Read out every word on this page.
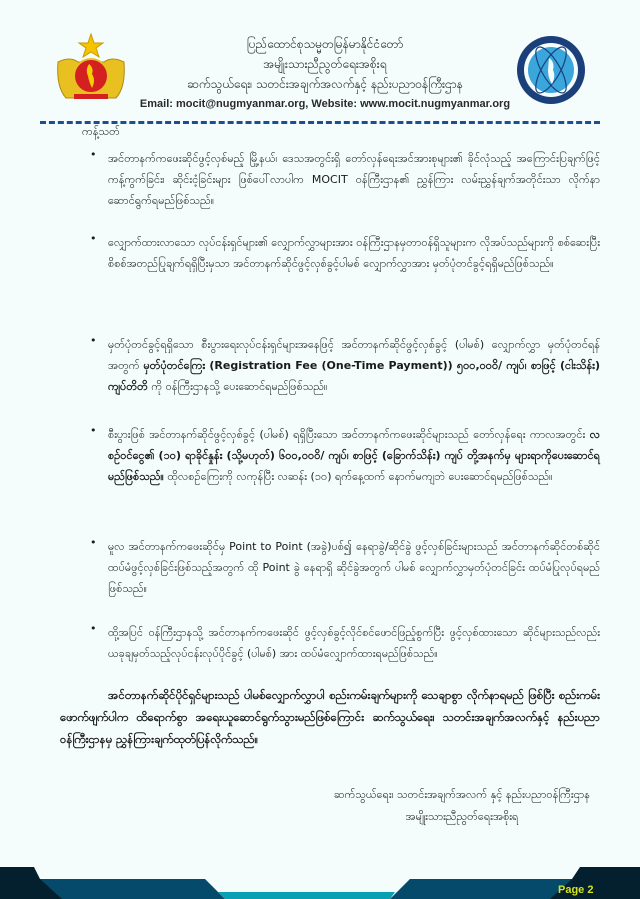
ပြည်ထောင်စုသမ္မတမြန်မာနိုင်ငံတော်
အမျိုးသားညီညွတ်ရေးအစိုးရ
ဆက်သွယ်ရေး၊ သတင်းအချက်အလက်နှင့် နည်းပညာဝန်ကြီးဌာန
Email: mocit@nugmyanmar.org, Website: www.mocit.nugmyanmar.org
ကန့်သတ်
• အင်တာနက်ကဖေးဆိုင်ဖွင့်လှစ်မည့် မြို့နယ်၊ ဒေသအတွင်းရှိ တော်လှန်ရေးအင်အားစုများ၏ ခိုင်လုံသည့် အကြောင်းပြချက်ဖြင့် ကန့်ကွက်ခြင်း၊ ဆိုင်းငံ့ခြင်းများ ဖြစ်ပေါ်လာပါက MOCIT ဝန်ကြီးဌာန၏ ညွှန်ကြား လမ်းညွှန်ချက်အတိုင်းသာ လိုက်နာဆောင်ရွက်ရမည်ဖြစ်သည်။
• လျှောက်ထားလာသော လုပ်ငန်းရှင်များ၏ လျှောက်လွှာများအား ဝန်ကြီးဌာနမှတာဝန်ရှိသူများက လိုအပ်သည်များကို စစ်ဆေးပြီး စိစစ်အတည်ပြုချက်ရရှိပြီးမှသာ အင်တာနက်ဆိုင်ဖွင့်လှစ်ခွင့်ပါမစ် လျှောက်လွှာအား မှတ်ပုံတင်ခွင့်ရရှိမည်ဖြစ်သည်။
• မှတ်ပုံတင်ခွင့်ရရှိသော စီးပွားရေးလုပ်ငန်းရှင်များအနေဖြင့် အင်တာနက်ဆိုင်ဖွင့်လှစ်ခွင့် (ပါမစ်) လျှောက်လွှာ မှတ်ပုံတင်ရန်အတွက် မှတ်ပုံတင်ကြေး (Registration Fee (One-Time Payment)) ၅၀၀,၀၀၀ိ/ ကျပ်၊ စာဖြင့် (ငါးသိန်း) ကျပ်တိတိ ကို ဝန်ကြီးဌာနသို့ ပေးဆောင်ရမည်ဖြစ်သည်။
• စီးပွားဖြစ် အင်တာနက်ဆိုင်ဖွင့်လှစ်ခွင့် (ပါမစ်) ရရှိပြီးသော အင်တာနက်ကဖေးဆိုင်များသည် တော်လှန်ရေး ကာလအတွင်း လစဉ်ဝင်ငွေ၏ (၁၀) ရာခိုင်နှုန်း (သို့မဟုတ်) ၆၀၀,၀၀၀ိ/ ကျပ်၊ စာဖြင့် (ခြောက်သိန်း) ကျပ် တို့အနက်မှ များရာကိုပေးဆောင်ရမည်ဖြစ်သည်။ ထိုလစဉ်ကြေးကို လကုန်ပြီး လဆန်း (၁၀) ရက်နေ့ထက် နောက်မကျဘဲ ပေးဆောင်ရမည်ဖြစ်သည်။
• မူလ အင်တာနက်ကဖေးဆိုင်မှ Point to Point (အခွဲ)ပစ်၍ နေရာခွဲ/ဆိုင်ခွဲ ဖွင့်လှစ်ခြင်းများသည် အင်တာနက်ဆိုင်တစ်ဆိုင် ထပ်မံဖွင့်လှစ်ခြင်းဖြစ်သည့်အတွက် ထို Point ခွဲ နေရာရှိ ဆိုင်ခွဲအတွက် ပါမစ် လျှောက်လွှာမှတ်ပုံတင်ခြင်း ထပ်မံပြုလုပ်ရမည်ဖြစ်သည်။
• ထို့အပြင် ဝန်ကြီးဌာနသို့ အင်တာနက်ကဖေးဆိုင် ဖွင့်လှစ်ခွင့်လိုင်စင်ဖောင်ဖြည့်စွက်ပြီး ဖွင့်လှစ်ထားသော ဆိုင်များသည်လည်း ယခုချမှတ်သည့်လုပ်ငန်းလုပ်ပိုင်ခွင့် (ပါမစ်) အား ထပ်မံလျှောက်ထားရမည်ဖြစ်သည်။
အင်တာနက်ဆိုင်ပိုင်ရှင်များသည် ပါမစ်လျှောက်လွှာပါ စည်းကမ်းချက်များကို သေချာစွာ လိုက်နာရမည် ဖြစ်ပြီး စည်းကမ်းဖောက်ဖျက်ပါက ထိရောက်စွာ အရေးယူဆောင်ရွက်သွားမည်ဖြစ်ကြောင်း ဆက်သွယ်ရေး၊ သတင်းအချက်အလက်နှင့် နည်းပညာဝန်ကြီးဌာနမှ ညွှန်ကြားချက်ထုတ်ပြန်လိုက်သည်။
ဆက်သွယ်ရေး၊ သတင်းအချက်အလက် နှင့် နည်းပညာဝန်ကြီးဌာန
အမျိုးသားညီညွတ်ရေးအစိုးရ
Page 2
